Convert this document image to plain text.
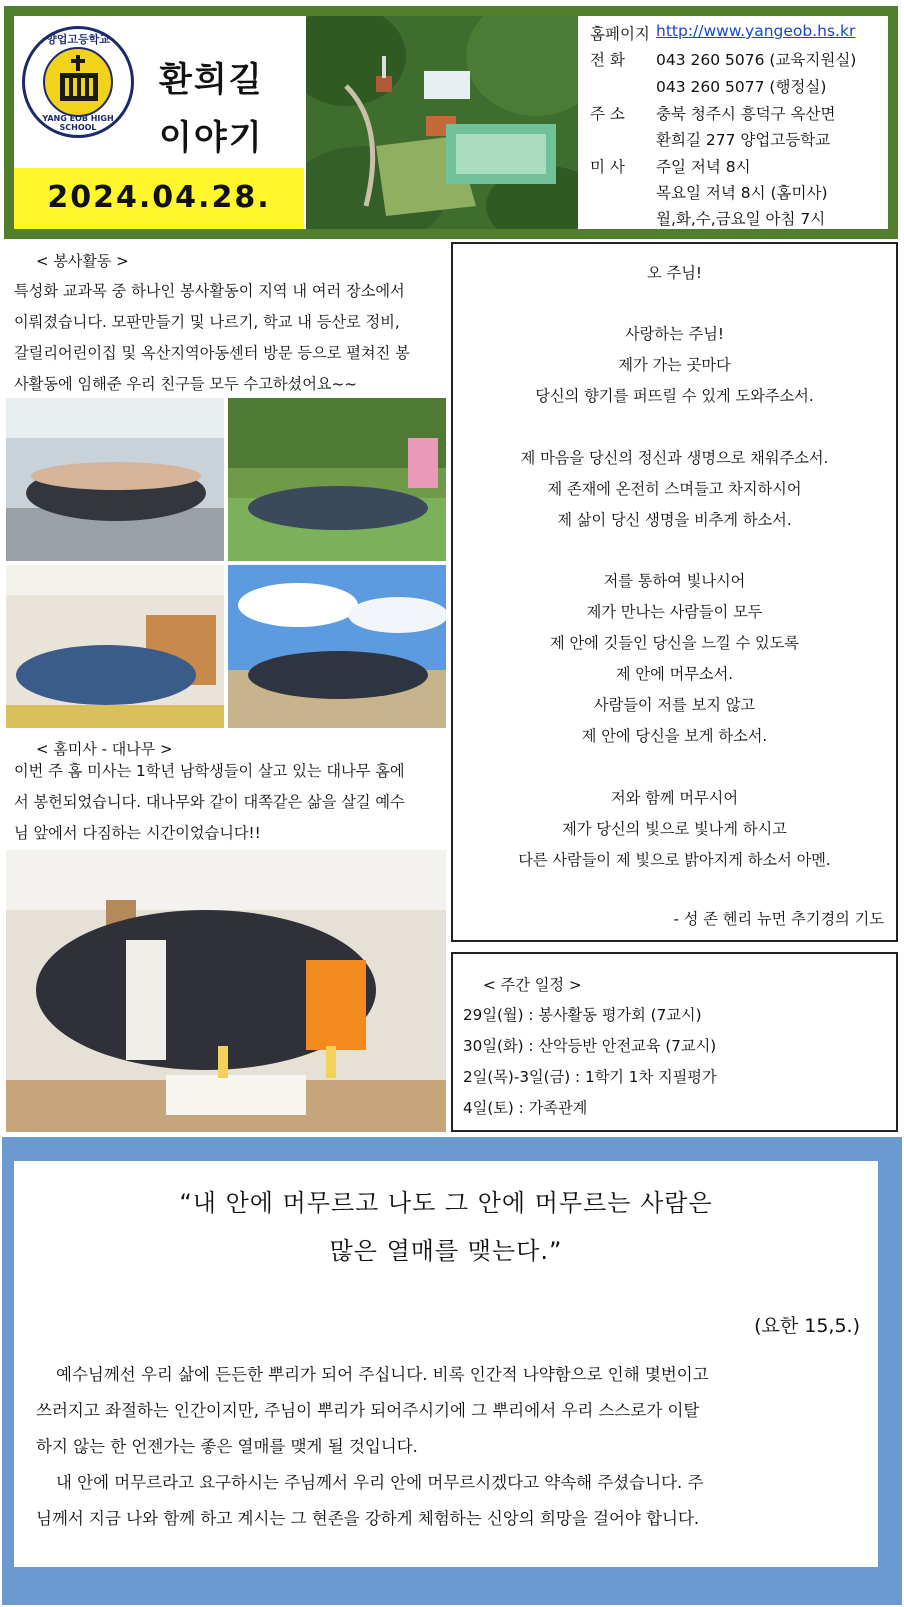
양업고등학교
YANG EOB HIGH SCHOOL
환희길
이야기
2024.04.28.
홈페이지 http://www.yangeob.hs.kr
전 화	043 260 5076 (교육지원실)
043 260 5077 (행정실)
주 소	충북 청주시 흥덕구 옥산면
환희길 277 양업고등학교
미 사	주일 저녁 8시
목요일 저녁 8시 (홈미사)
월,화,수,금요일 아침 7시
< 봉사활동 >
특성화 교과목 중 하나인 봉사활동이 지역 내 여러 장소에서
이뤄졌습니다. 모판만들기 및 나르기, 학교 내 등산로 정비,
갈릴리어린이집 및 옥산지역아동센터 방문 등으로 펼쳐진 봉
사활동에 임해준 우리 친구들 모두 수고하셨어요~~
< 홈미사 - 대나무 >
이번 주 홈 미사는 1학년 남학생들이 살고 있는 대나무 홈에
서 봉헌되었습니다. 대나무와 같이 대쪽같은 삶을 살길 예수
님 앞에서 다짐하는 시간이었습니다!!
오 주님!
사랑하는 주님!
제가 가는 곳마다
당신의 향기를 퍼뜨릴 수 있게 도와주소서.
제 마음을 당신의 정신과 생명으로 채워주소서.
제 존재에 온전히 스며들고 차지하시어
제 삶이 당신 생명을 비추게 하소서.
저를 통하여 빛나시어
제가 만나는 사람들이 모두
제 안에 깃들인 당신을 느낄 수 있도록
제 안에 머무소서.
사람들이 저를 보지 않고
제 안에 당신을 보게 하소서.
저와 함께 머무시어
제가 당신의 빛으로 빛나게 하시고
다른 사람들이 제 빛으로 밝아지게 하소서 아멘.
- 성 존 헨리 뉴먼 추기경의 기도
< 주간 일정 >
29일(월) : 봉사활동 평가회 (7교시)
30일(화) : 산악등반 안전교육 (7교시)
2일(목)-3일(금) : 1학기 1차 지필평가
4일(토) : 가족관계
“내 안에 머무르고 나도 그 안에 머무르는 사람은
많은 열매를 맺는다.”
(요한 15,5.)
예수님께선 우리 삶에 든든한 뿌리가 되어 주십니다. 비록 인간적 나약함으로 인해 몇번이고
쓰러지고 좌절하는 인간이지만, 주님이 뿌리가 되어주시기에 그 뿌리에서 우리 스스로가 이탈
하지 않는 한 언젠가는 좋은 열매를 맺게 될 것입니다.
내 안에 머무르라고 요구하시는 주님께서 우리 안에 머무르시겠다고 약속해 주셨습니다. 주
님께서 지금 나와 함께 하고 계시는 그 현존을 강하게 체험하는 신앙의 희망을 걸어야 합니다.
